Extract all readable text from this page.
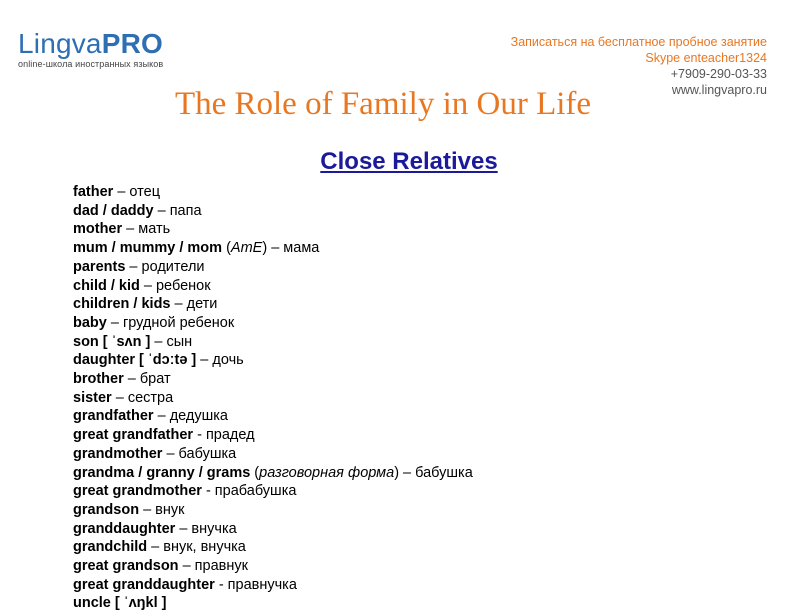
LingvaPRO
online-школа иностранных языков
Записаться на бесплатное пробное занятие
Skype enteacher1324
+7909-290-03-33
www.lingvapro.ru
The Role of Family in Our Life
Close Relatives
father – отец
dad / daddy – папа
mother – мать
mum / mummy / mom (AmE) – мама
parents – родители
child / kid – ребенок
children / kids – дети
baby – грудной ребенок
son [ ˈsʌn ] – сын
daughter [ ˈdɔːtə ] – дочь
brother – брат
sister – сестра
grandfather – дедушка
great grandfather - прадед
grandmother – бабушка
grandma / granny / grams (разговорная форма) – бабушка
great grandmother - прабабушка
grandson – внук
granddaughter – внучка
grandchild – внук, внучка
great grandson – правнук
great granddaughter - правнучка
uncle [ ˈʌŋkl ]
